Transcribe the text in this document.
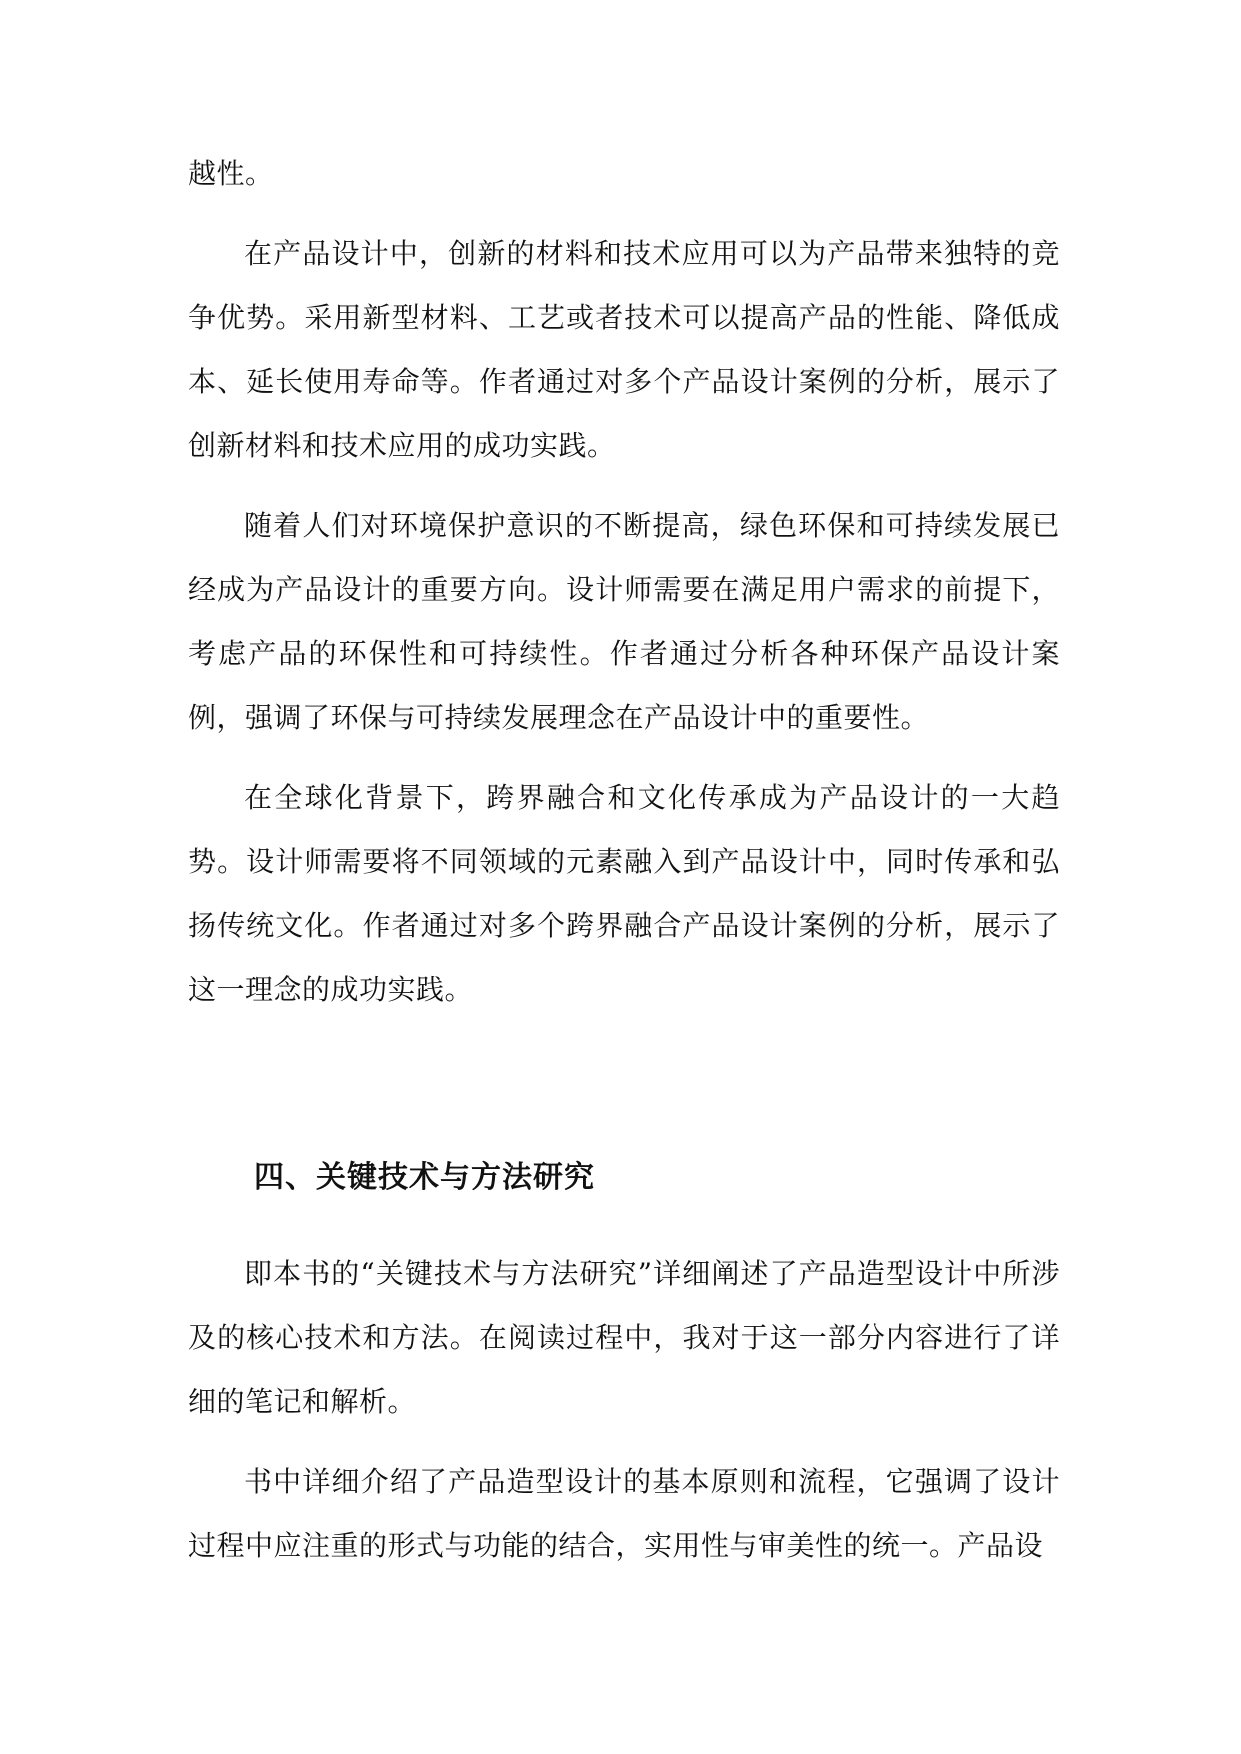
越性。

在产品设计中，创新的材料和技术应用可以为产品带来独特的竞争优势。采用新型材料、工艺或者技术可以提高产品的性能、降低成本、延长使用寿命等。作者通过对多个产品设计案例的分析，展示了创新材料和技术应用的成功实践。

随着人们对环境保护意识的不断提高，绿色环保和可持续发展已经成为产品设计的重要方向。设计师需要在满足用户需求的前提下，考虑产品的环保性和可持续性。作者通过分析各种环保产品设计案例，强调了环保与可持续发展理念在产品设计中的重要性。

在全球化背景下，跨界融合和文化传承成为产品设计的一大趋势。设计师需要将不同领域的元素融入到产品设计中，同时传承和弘扬传统文化。作者通过对多个跨界融合产品设计案例的分析，展示了这一理念的成功实践。

四、关键技术与方法研究

即本书的“关键技术与方法研究”详细阐述了产品造型设计中所涉及的核心技术和方法。在阅读过程中，我对于这一部分内容进行了详细的笔记和解析。

书中详细介绍了产品造型设计的基本原则和流程，它强调了设计过程中应注重的形式与功能的结合，实用性与审美性的统一。产品设
